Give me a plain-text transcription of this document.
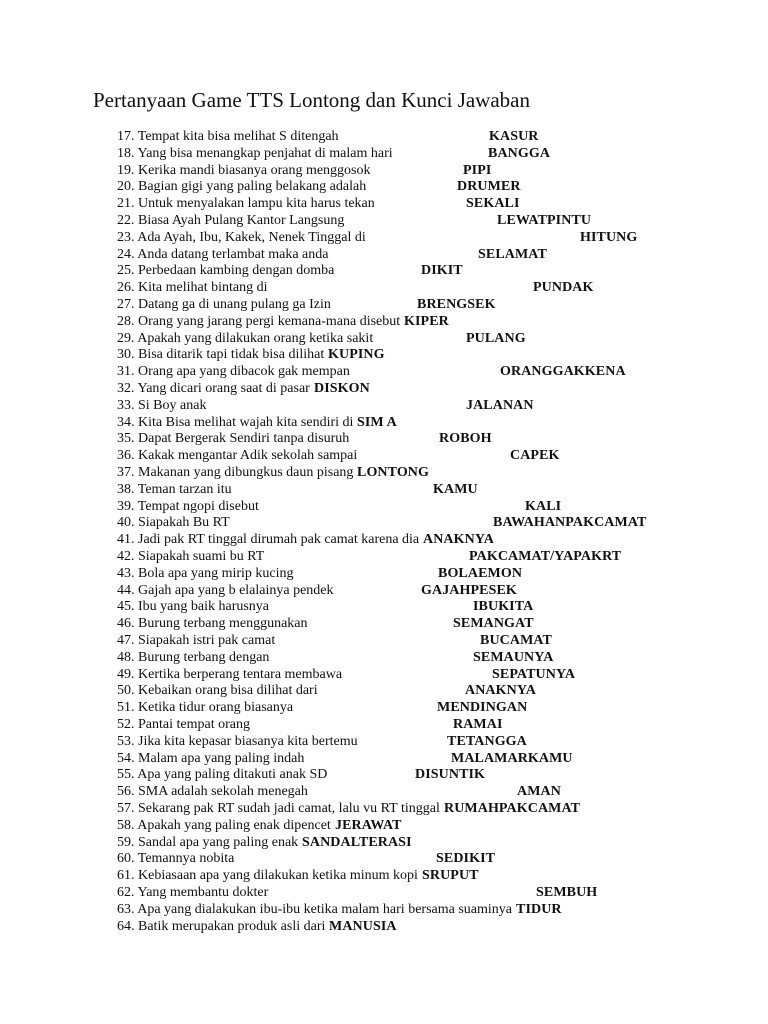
Pertanyaan Game TTS Lontong dan Kunci Jawaban
17. Tempat kita bisa melihat S ditengah	KASUR
18. Yang bisa menangkap penjahat di malam hari	BANGGA
19. Kerika mandi biasanya orang menggosok	PIPI
20. Bagian gigi yang paling belakang adalah	DRUMER
21. Untuk menyalakan lampu kita harus tekan	SEKALI
22. Biasa Ayah Pulang Kantor Langsung	LEWATPINTU
23. Ada Ayah, Ibu, Kakek, Nenek Tinggal di	HITUNG
24. Anda datang terlambat maka anda	SELAMAT
25. Perbedaan kambing dengan domba	DIKIT
26. Kita melihat bintang di	PUNDAK
27. Datang ga di unang pulang ga Izin	BRENGSEK
28. Orang yang jarang pergi kemana-mana disebut KIPER
29. Apakah yang dilakukan orang ketika sakit	PULANG
30. Bisa ditarik tapi tidak bisa dilihat KUPING
31. Orang apa yang dibacok gak mempan	ORANGGAKKENA
32. Yang dicari orang saat di pasar DISKON
33. Si Boy anak	JALANAN
34. Kita Bisa melihat wajah kita sendiri di SIM A
35. Dapat Bergerak Sendiri tanpa disuruh	ROBOH
36. Kakak mengantar Adik sekolah sampai	CAPEK
37. Makanan yang dibungkus daun pisang LONTONG
38. Teman tarzan itu	KAMU
39. Tempat ngopi disebut	KALI
40. Siapakah Bu RT	BAWAHANPAKCAMAT
41. Jadi pak RT tinggal dirumah pak camat karena dia ANAKNYA
42. Siapakah suami bu RT	PAKCAMAT/YAPAKRT
43. Bola apa yang mirip kucing	BOLAEMON
44. Gajah apa yang b elalainya pendek	GAJAHPESEK
45. Ibu yang baik harusnya	IBUKITA
46. Burung terbang menggunakan	SEMANGAT
47. Siapakah istri pak camat	BUCAMAT
48. Burung terbang dengan	SEMAUNYA
49. Kertika berperang tentara membawa	SEPATUNYA
50. Kebaikan orang bisa dilihat dari	ANAKNYA
51. Ketika tidur orang biasanya	MENDINGAN
52. Pantai tempat orang	RAMAI
53. Jika kita kepasar biasanya kita bertemu	TETANGGA
54. Malam apa yang paling indah	MALAMARKAMU
55. Apa yang paling ditakuti anak SD	DISUNTIK
56. SMA adalah sekolah menegah	AMAN
57. Sekarang pak RT sudah jadi camat, lalu vu RT tinggal RUMAHPAKCAMAT
58. Apakah yang paling enak dipencet JERAWAT
59. Sandal apa yang paling enak SANDALTERASI
60. Temannya nobita	SEDIKIT
61. Kebiasaan apa yang dilakukan ketika minum kopi SRUPUT
62. Yang membantu dokter	SEMBUH
63. Apa yang dialakukan ibu-ibu ketika malam hari bersama suaminya TIDUR
64. Batik merupakan produk asli dari MANUSIA
